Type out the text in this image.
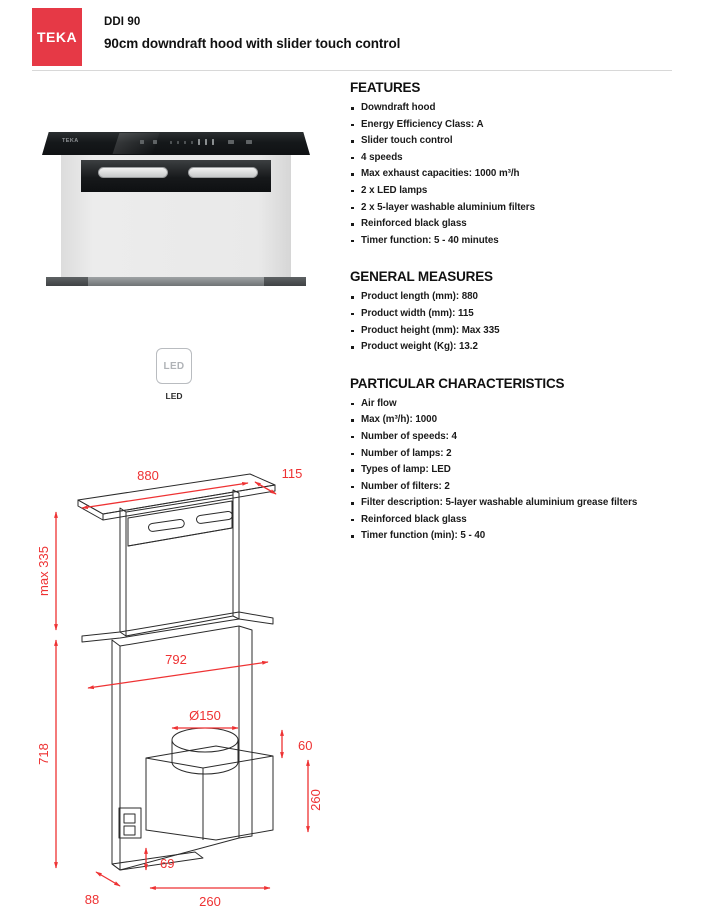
TEKA
DDI 90
90cm downdraft hood with slider touch control
TEKA
LED
LED
880	115
max 335
718
792
Ø150
60
260
69
88	260
FEATURES
Downdraft hood
Energy Efficiency Class: A
Slider touch control
4 speeds
Max exhaust capacities: 1000 m³/h
2 x LED lamps
2 x 5-layer washable aluminium filters
Reinforced black glass
Timer function: 5 - 40 minutes
GENERAL MEASURES
Product length (mm): 880
Product width (mm): 115
Product height (mm): Max 335
Product weight (Kg): 13.2
PARTICULAR CHARACTERISTICS
Air flow
Max (m³/h): 1000
Number of speeds: 4
Number of lamps: 2
Types of lamp: LED
Number of filters: 2
Filter description: 5-layer washable aluminium grease filters
Reinforced black glass
Timer function (min): 5 - 40
